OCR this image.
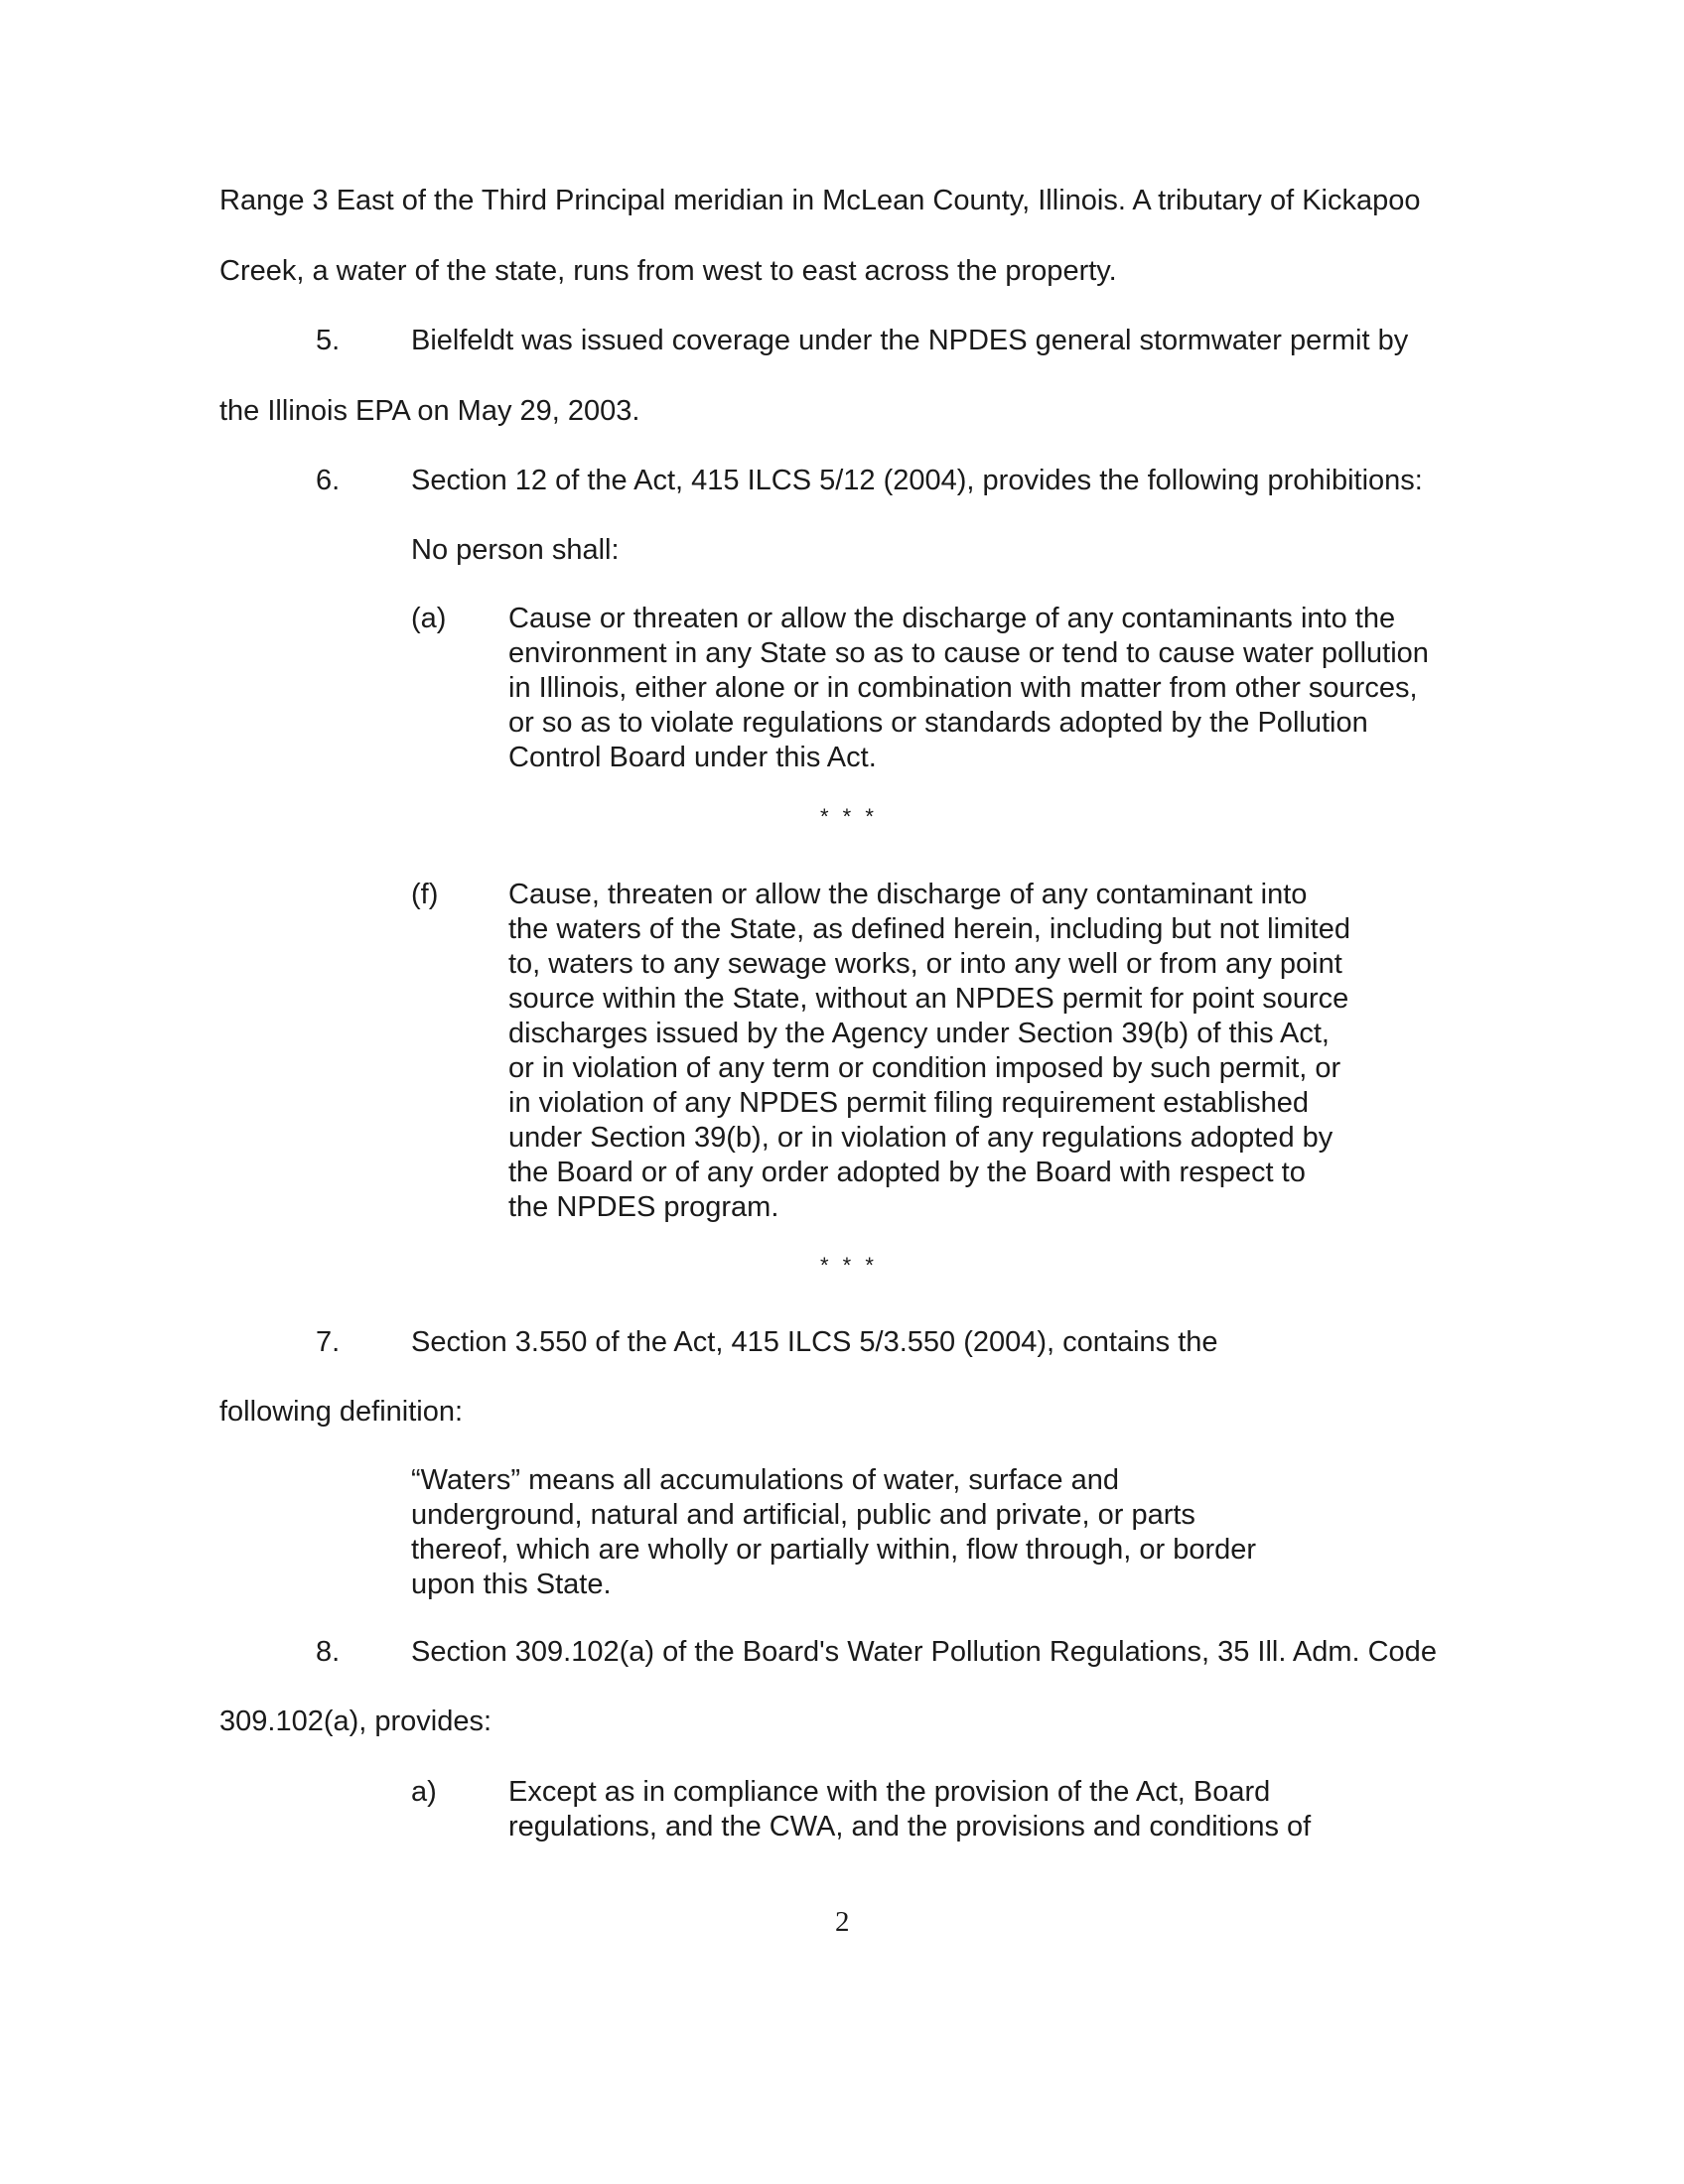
Range 3 East of the Third Principal meridian in McLean County, Illinois. A tributary of Kickapoo
Creek, a water of the state, runs from west to east across the property.
5. Bielfeldt was issued coverage under the NPDES general stormwater permit by
the Illinois EPA on May 29, 2003.
6. Section 12 of the Act, 415 ILCS 5/12 (2004), provides the following prohibitions:
No person shall:
(a) Cause or threaten or allow the discharge of any contaminants into the
environment in any State so as to cause or tend to cause water pollution
in Illinois, either alone or in combination with matter from other sources,
or so as to violate regulations or standards adopted by the Pollution
Control Board under this Act.
* * *
(f) Cause, threaten or allow the discharge of any contaminant into
the waters of the State, as defined herein, including but not limited
to, waters to any sewage works, or into any well or from any point
source within the State, without an NPDES permit for point source
discharges issued by the Agency under Section 39(b) of this Act,
or in violation of any term or condition imposed by such permit, or
in violation of any NPDES permit filing requirement established
under Section 39(b), or in violation of any regulations adopted by
the Board or of any order adopted by the Board with respect to
the NPDES program.
* * *
7. Section 3.550 of the Act, 415 ILCS 5/3.550 (2004), contains the
following definition:
“Waters” means all accumulations of water, surface and
underground, natural and artificial, public and private, or parts
thereof, which are wholly or partially within, flow through, or border
upon this State.
8. Section 309.102(a) of the Board's Water Pollution Regulations, 35 Ill. Adm. Code
309.102(a), provides:
a) Except as in compliance with the provision of the Act, Board
regulations, and the CWA, and the provisions and conditions of
2
